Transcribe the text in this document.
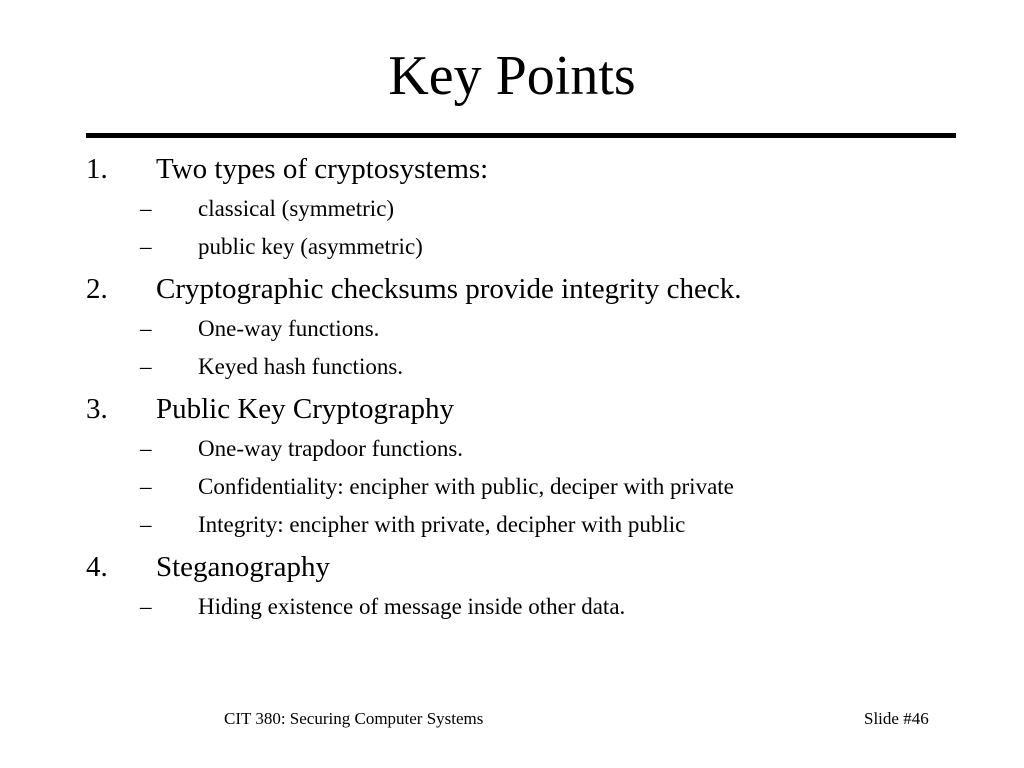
Key Points
1. Two types of cryptosystems:
– classical (symmetric)
– public key (asymmetric)
2. Cryptographic checksums provide integrity check.
– One-way functions.
– Keyed hash functions.
3. Public Key Cryptography
– One-way trapdoor functions.
– Confidentiality: encipher with public, deciper with private
– Integrity: encipher with private, decipher with public
4. Steganography
– Hiding existence of message inside other data.
CIT 380: Securing Computer Systems	Slide #46
